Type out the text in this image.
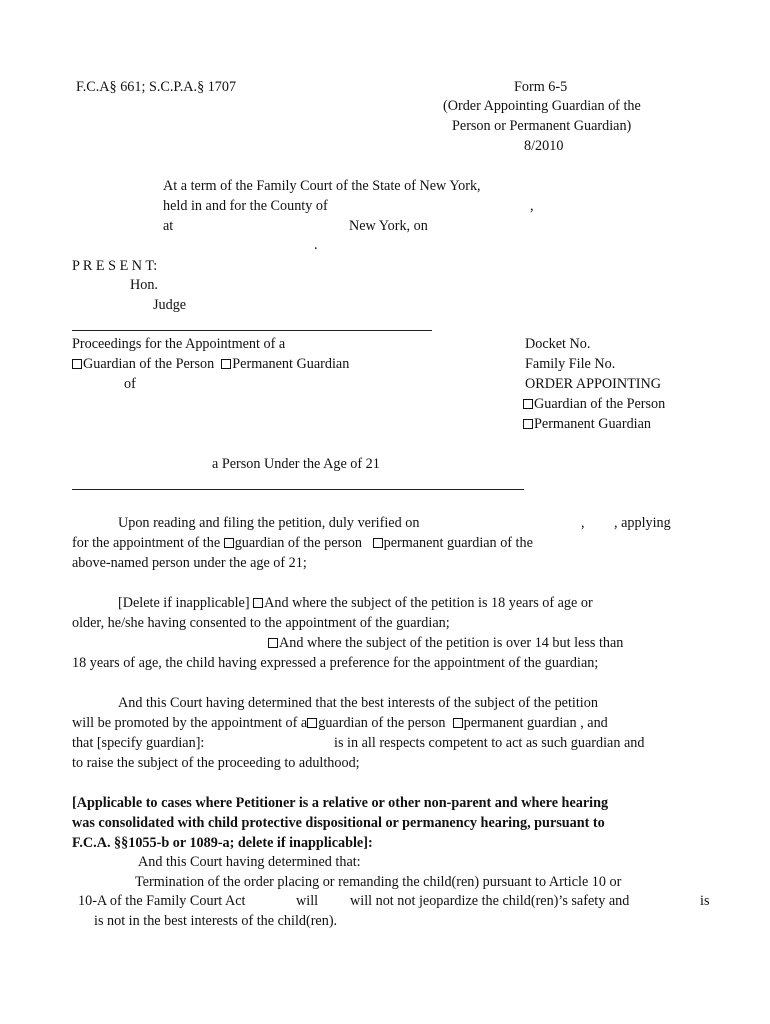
F.C.A§ 661; S.C.P.A.§ 1707	Form 6-5
(Order Appointing Guardian of the
Person or Permanent Guardian)
8/2010
At a term of the Family Court of the State of New York,
held in and for the County of	,
at	New York, on
.
P R E S E N T:
Hon.
Judge
Proceedings for the Appointment of a
Guardian of the Person Permanent Guardian
of
a Person Under the Age of 21
Docket No.
Family File No.
ORDER APPOINTING
Guardian of the Person
Permanent Guardian
Upon reading and filing the petition, duly verified on	, , applying
for the appointment of the guardian of the person permanent guardian of the
above-named person under the age of 21;
[Delete if inapplicable] And where the subject of the petition is 18 years of age or
older, he/she having consented to the appointment of the guardian;
And where the subject of the petition is over 14 but less than
18 years of age, the child having expressed a preference for the appointment of the guardian;
And this Court having determined that the best interests of the subject of the petition
will be promoted by the appointment of a guardian of the person permanent guardian , and
that [specify guardian]:	is in all respects competent to act as such guardian and
to raise the subject of the proceeding to adulthood;
[Applicable to cases where Petitioner is a relative or other non-parent and where hearing
was consolidated with child protective dispositional or permanency hearing, pursuant to
F.C.A. §§1055-b or 1089-a; delete if inapplicable]:
And this Court having determined that:
Termination of the order placing or remanding the child(ren) pursuant to Article 10 or
10-A of the Family Court Act	will will not not jeopardize the child(ren)’s safety and	is
is not in the best interests of the child(ren).
